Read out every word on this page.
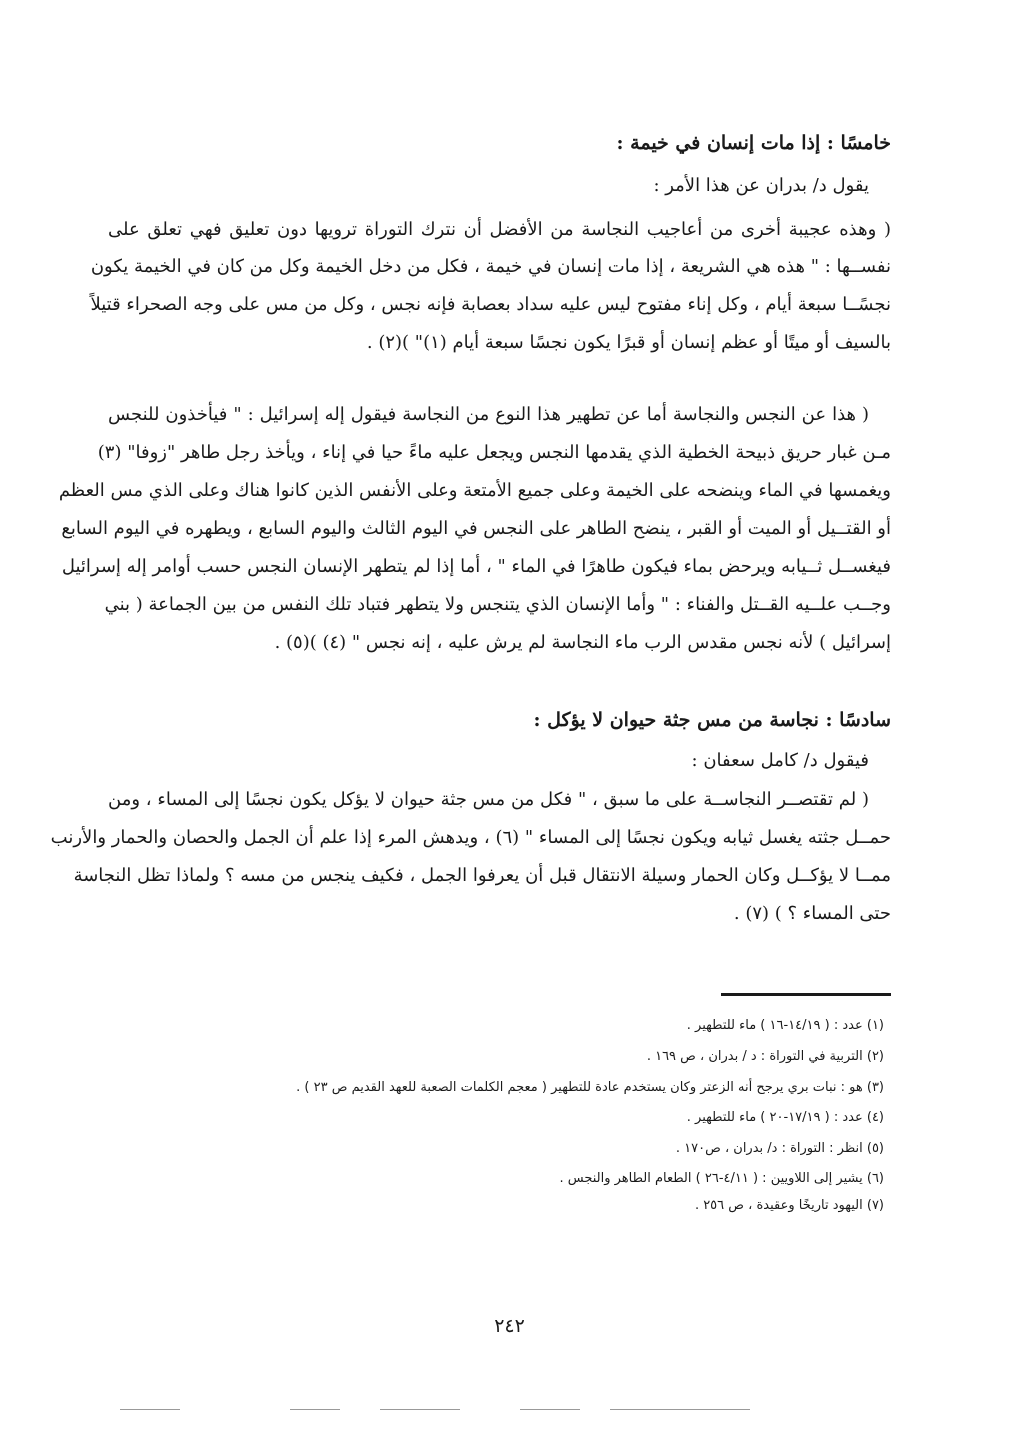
خامسًا : إذا مات إنسان في خيمة :
يقول د/ بدران عن هذا الأمر :
( وهذه عجيبة أخرى من أعاجيب النجاسة من الأفضل أن نترك التوراة ترويها دون تعليق فهي تعلق على
نفســها : " هذه هي الشريعة ، إذا مات إنسان في خيمة ، فكل من دخل الخيمة وكل من كان في الخيمة يكون
نجسًــا سبعة أيام ، وكل إناء مفتوح ليس عليه سداد بعصابة فإنه نجس ، وكل من مس على وجه الصحراء قتيلاً
بالسيف أو ميتًا أو عظم إنسان أو قبرًا يكون نجسًا سبعة أيام (١)" )(٢) .
( هذا عن النجس والنجاسة أما عن تطهير هذا النوع من النجاسة فيقول إله إسرائيل : " فيأخذون للنجس
مـن غبار حريق ذبيحة الخطية الذي يقدمها النجس ويجعل عليه ماءً حيا في إناء ، ويأخذ رجل طاهر "زوفا" (٣)
ويغمسها في الماء وينضحه على الخيمة وعلى جميع الأمتعة وعلى الأنفس الذين كانوا هناك وعلى الذي مس العظم
أو القتــيل أو الميت أو القبر ، ينضح الطاهر على النجس في اليوم الثالث واليوم السابع ، ويطهره في اليوم السابع
فيغســل ثــيابه ويرحض بماء فيكون طاهرًا في الماء " ، أما إذا لم يتطهر الإنسان النجس حسب أوامر إله إسرائيل
وجــب علــيه القــتل والفناء : " وأما الإنسان الذي يتنجس ولا يتطهر فتباد تلك النفس من بين الجماعة ( بني
إسرائيل ) لأنه نجس مقدس الرب ماء النجاسة لم يرش عليه ، إنه نجس " (٤) )(٥) .
سادسًا : نجاسة من مس جثة حيوان لا يؤكل :
فيقول د/ كامل سعفان :
( لم تقتصــر النجاســة على ما سبق ، " فكل من مس جثة حيوان لا يؤكل يكون نجسًا إلى المساء ، ومن
حمــل جثته يغسل ثيابه ويكون نجسًا إلى المساء " (٦) ، ويدهش المرء إذا علم أن الجمل والحصان والحمار والأرنب
ممــا لا يؤكــل وكان الحمار وسيلة الانتقال قبل أن يعرفوا الجمل ، فكيف ينجس من مسه ؟ ولماذا تظل النجاسة
حتى المساء ؟ ) (٧) .
(١) عدد : ( ١٤/١٩-١٦ ) ماء للتطهير .
(٢) التربية في التوراة : د / بدران ، ص ١٦٩ .
(٣) هو : نبات بري يرجح أنه الزعتر وكان يستخدم عادة للتطهير ( معجم الكلمات الصعبة للعهد القديم ص ٢٣ ) .
(٤) عدد : ( ١٧/١٩-٢٠ ) ماء للتطهير .
(٥) انظر : التوراة : د/ بدران ، ص١٧٠ .
(٦) يشير إلى اللاويين : ( ٤/١١-٢٦ ) الطعام الطاهر والنجس .
(٧) اليهود تاريخًا وعقيدة ، ص ٢٥٦ .
٢٤٢
